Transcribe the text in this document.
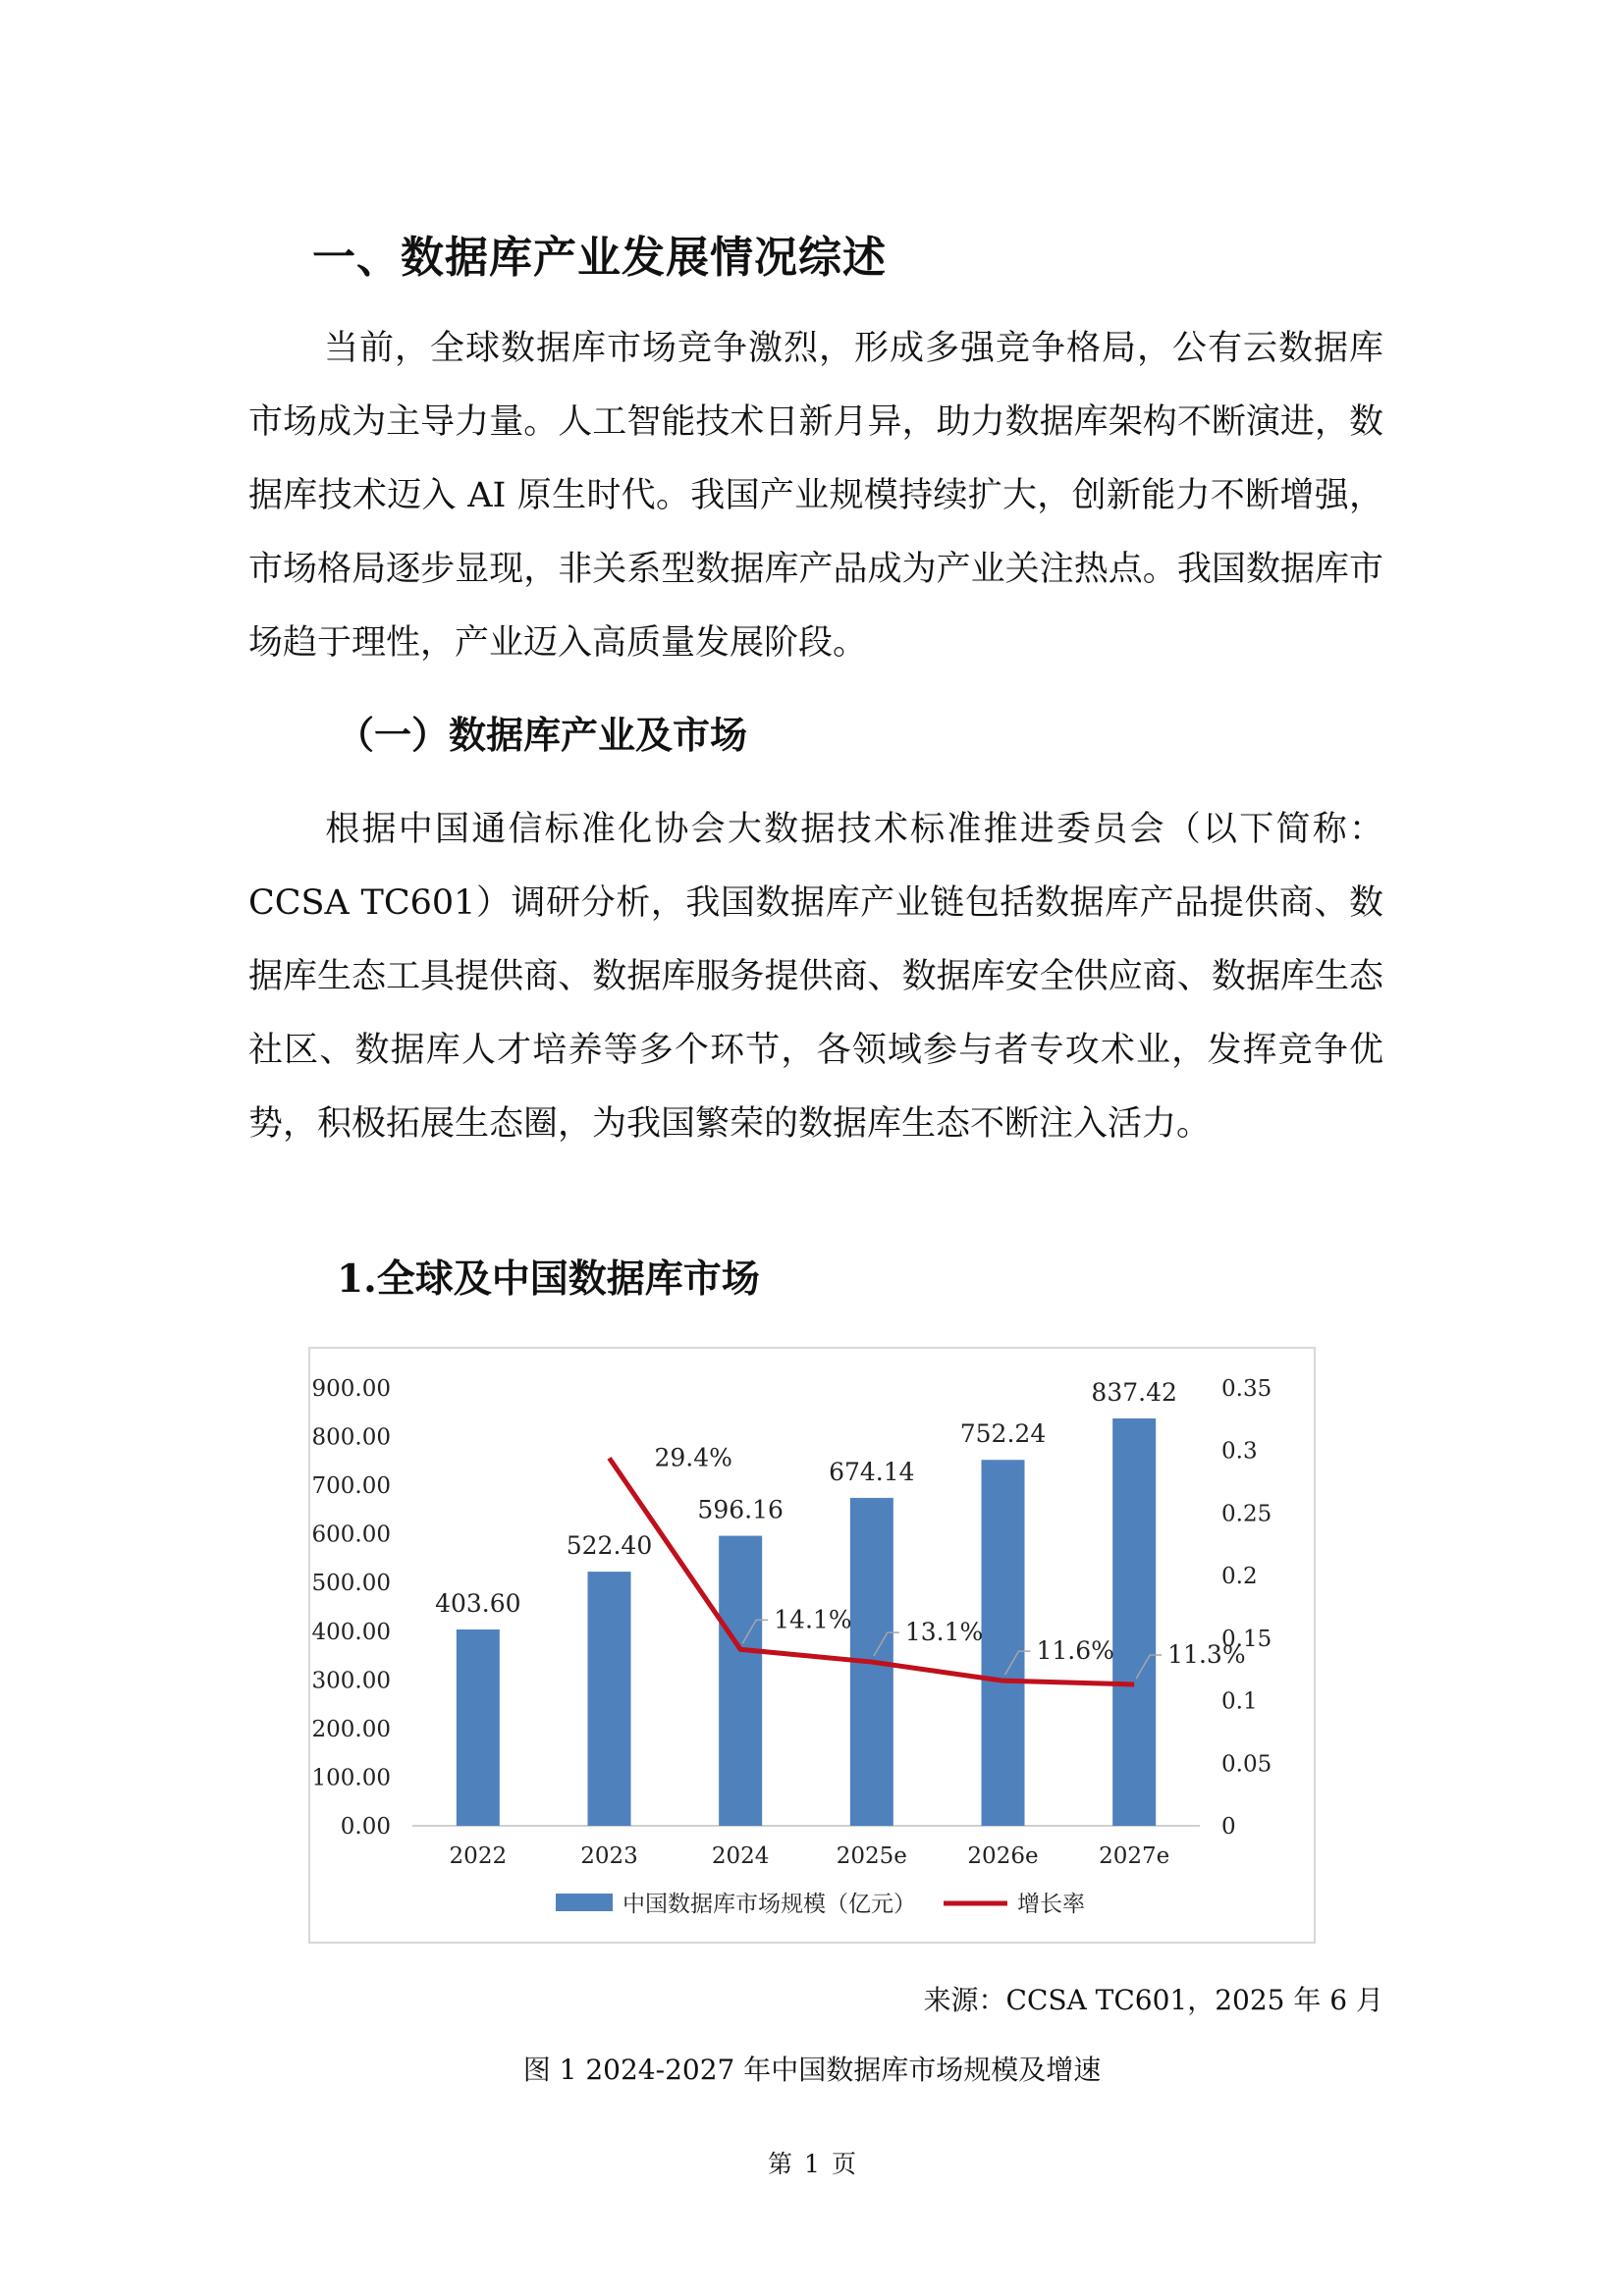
一、数据库产业发展情况综述

当前，全球数据库市场竞争激烈，形成多强竞争格局，公有云数据库市场成为主导力量。人工智能技术日新月异，助力数据库架构不断演进，数据库技术迈入 AI 原生时代。我国产业规模持续扩大，创新能力不断增强，市场格局逐步显现，非关系型数据库产品成为产业关注热点。我国数据库市场趋于理性，产业迈入高质量发展阶段。

（一）数据库产业及市场

根据中国通信标准化协会大数据技术标准推进委员会（以下简称：CCSA TC601）调研分析，我国数据库产业链包括数据库产品提供商、数据库生态工具提供商、数据库服务提供商、数据库安全供应商、数据库生态社区、数据库人才培养等多个环节，各领域参与者专攻术业，发挥竞争优势，积极拓展生态圈，为我国繁荣的数据库生态不断注入活力。

1.全球及中国数据库市场
0.00
100.00
200.00
300.00
400.00
500.00
600.00
700.00
800.00
900.00
0
0.05
0.1
0.15
0.2
0.25
0.3
0.35
403.60
2022
522.40
2023
596.16
2024
674.14
2025e
752.24
2026e
837.42
2027e
29.4%
14.1% 13.1%
11.6% 11.3%
中国数据库市场规模（亿元）	增长率
来源：CCSA TC601，2025 年 6 月
图 1 2024-2027 年中国数据库市场规模及增速
第 1 页
